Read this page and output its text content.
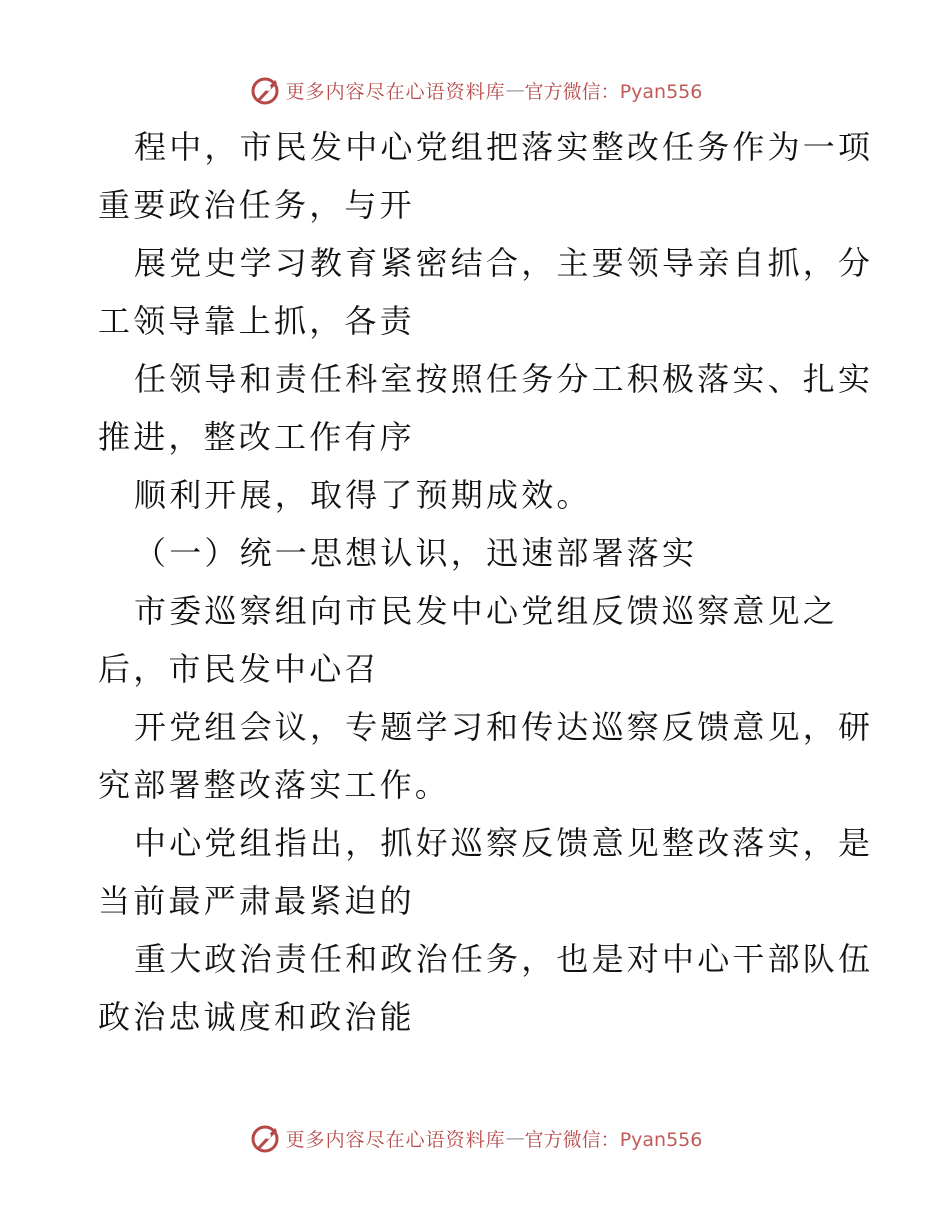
更多内容尽在心语资料库 — 官方微信：Pyan556
程中，市民发中心党组把落实整改任务作为一项
重要政治任务，与开
展党史学习教育紧密结合，主要领导亲自抓，分
工领导靠上抓，各责
任领导和责任科室按照任务分工积极落实、扎实
推进，整改工作有序
顺利开展，取得了预期成效。
（一）统一思想认识，迅速部署落实
市委巡察组向市民发中心党组反馈巡察意见之
后，市民发中心召
开党组会议，专题学习和传达巡察反馈意见，研
究部署整改落实工作。
中心党组指出，抓好巡察反馈意见整改落实，是
当前最严肃最紧迫的
重大政治责任和政治任务，也是对中心干部队伍
政治忠诚度和政治能
更多内容尽在心语资料库 — 官方微信：Pyan556
